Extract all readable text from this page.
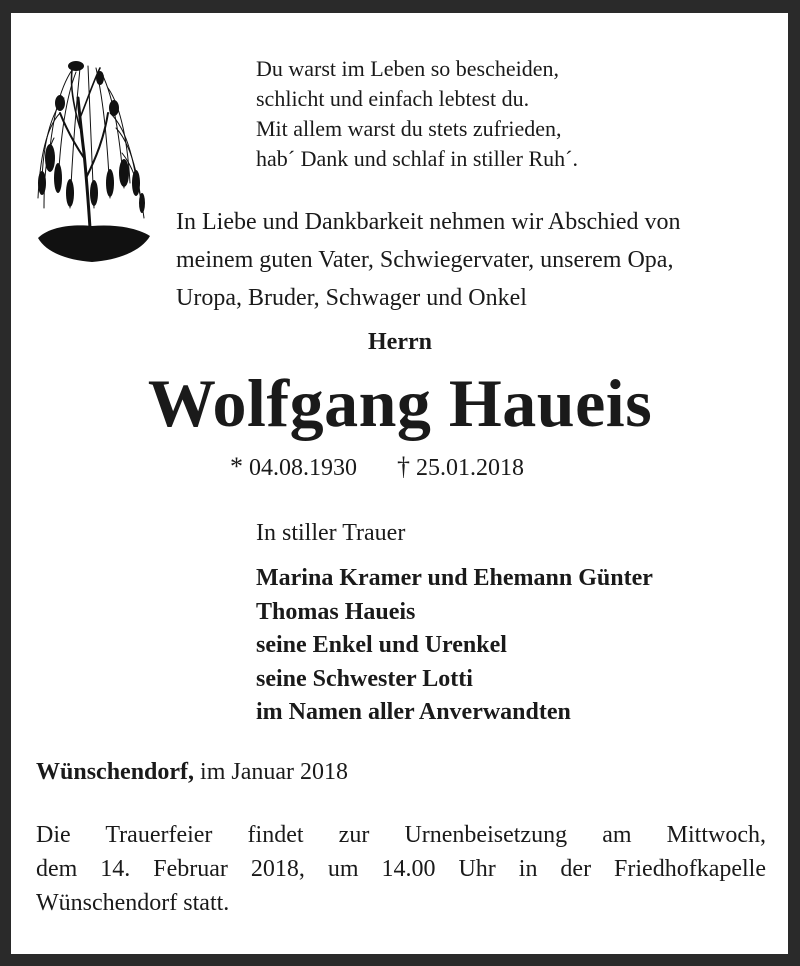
Du warst im Leben so bescheiden,
schlicht und einfach lebtest du.
Mit allem warst du stets zufrieden,
hab´ Dank und schlaf in stiller Ruh´.
In Liebe und Dankbarkeit nehmen wir Abschied von
meinem guten Vater, Schwiegervater, unserem Opa,
Uropa, Bruder, Schwager und Onkel
Herrn
Wolfgang Haueis
* 04.08.1930 † 25.01.2018
In stiller Trauer
Marina Kramer und Ehemann Günter
Thomas Haueis
seine Enkel und Urenkel
seine Schwester Lotti
im Namen aller Anverwandten
Wünschendorf, im Januar 2018
Die Trauerfeier findet zur Urnenbeisetzung am Mittwoch,
dem 14. Februar 2018, um 14.00 Uhr in der Friedhofkapelle
Wünschendorf statt.
